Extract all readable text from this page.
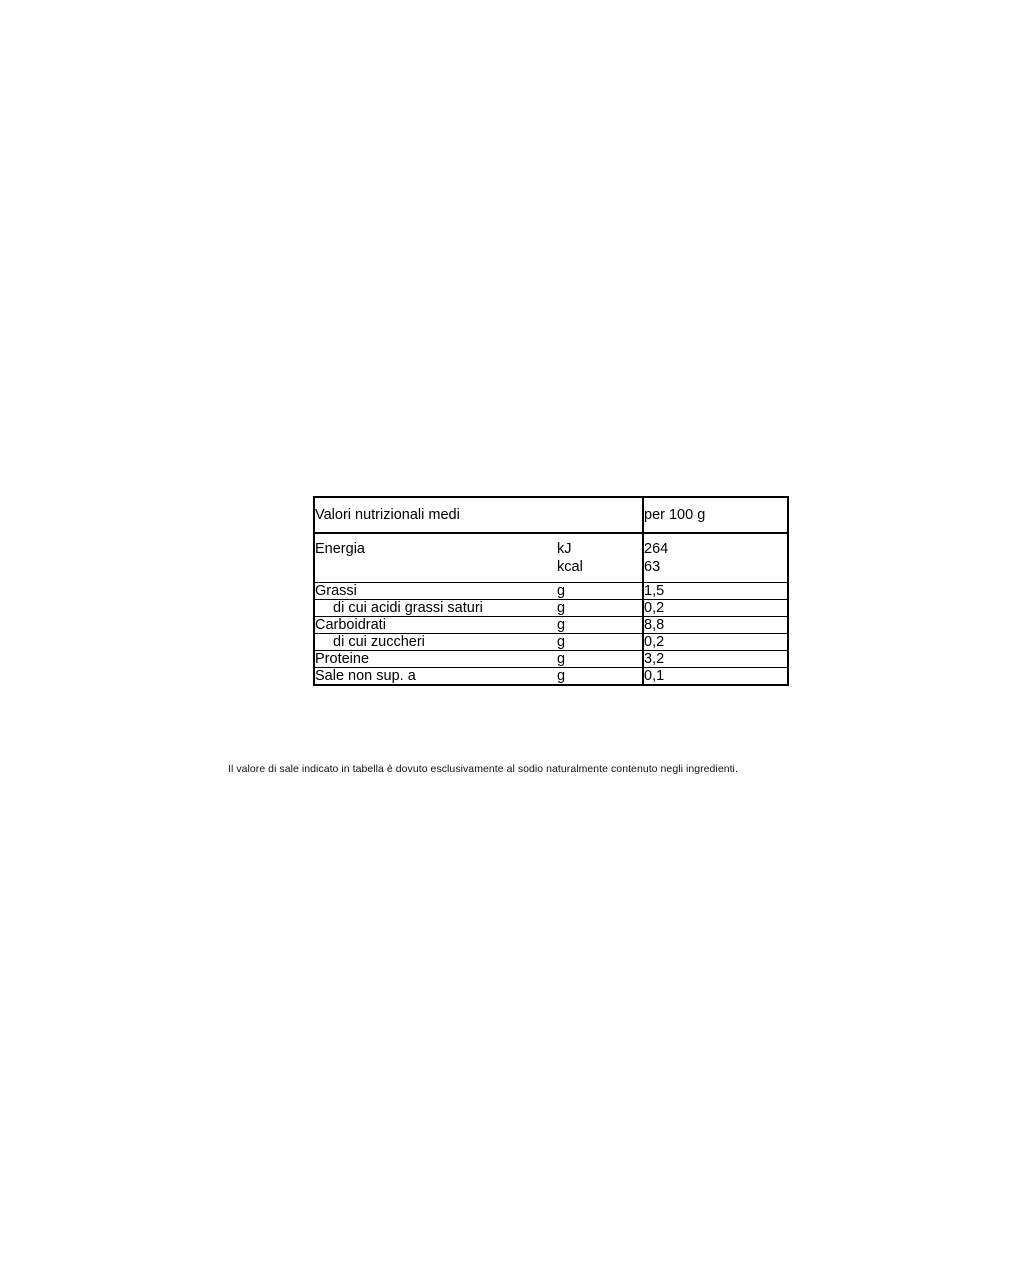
Valori nutrizionali medi		per 100 g
Energia	kJ	264
	kcal	63
Grassi	g	1,5
di cui acidi grassi saturi	g	0,2
Carboidrati	g	8,8
di cui zuccheri	g	0,2
Proteine	g	3,2
Sale non sup. a	g	0,1
Il valore di sale indicato in tabella è dovuto esclusivamente al sodio naturalmente contenuto negli ingredienti.
